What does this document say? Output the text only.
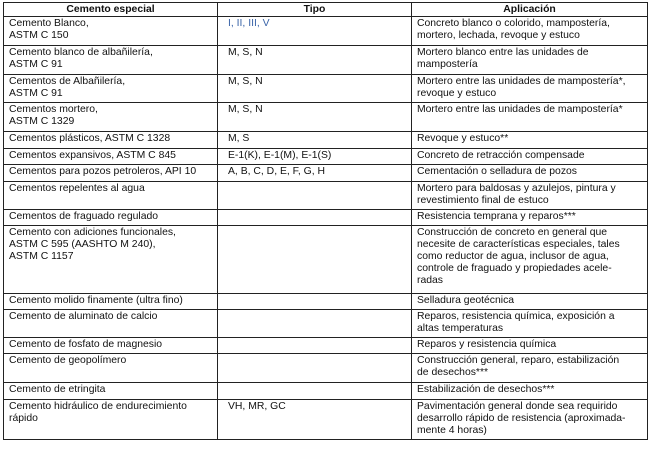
Cemento especial	Tipo	Aplicación
Cemento Blanco,
ASTM C 150	I, II, III, V	Concreto blanco o colorido, mampostería,
mortero, lechada, revoque y estuco
Cemento blanco de albañilería,
ASTM C 91	M, S, N	Mortero blanco entre las unidades de
mampostería
Cementos de Albañilería,
ASTM C 91	M, S, N	Mortero entre las unidades de mampostería*,
revoque y estuco
Cementos mortero,
ASTM C 1329	M, S, N	Mortero entre las unidades de mampostería*
Cementos plásticos, ASTM C 1328	M, S	Revoque y estuco**
Cementos expansivos, ASTM C 845	E-1(K), E-1(M), E-1(S)	Concreto de retracción compensade
Cementos para pozos petroleros, API 10	A, B, C, D, E, F, G, H	Cementación o selladura de pozos
Cementos repelentes al agua		Mortero para baldosas y azulejos, pintura y
revestimiento final de estuco
Cementos de fraguado regulado		Resistencia temprana y reparos***
Cemento con adiciones funcionales,
ASTM C 595 (AASHTO M 240),
ASTM C 1157		Construcción de concreto en general que
necesite de características especiales, tales
como reductor de agua, inclusor de agua,
controle de fraguado y propiedades acele-
radas
Cemento molido finamente (ultra fino)		Selladura geotécnica
Cemento de aluminato de calcio		Reparos, resistencia química, exposición a
altas temperaturas
Cemento de fosfato de magnesio		Reparos y resistencia química
Cemento de geopolímero		Construcción general, reparo, estabilización
de desechos***
Cemento de etringita		Estabilización de desechos***
Cemento hidráulico de endurecimiento
rápido	VH, MR, GC	Pavimentación general donde sea requirido
desarrollo rápido de resistencia (aproximada-
mente 4 horas)
